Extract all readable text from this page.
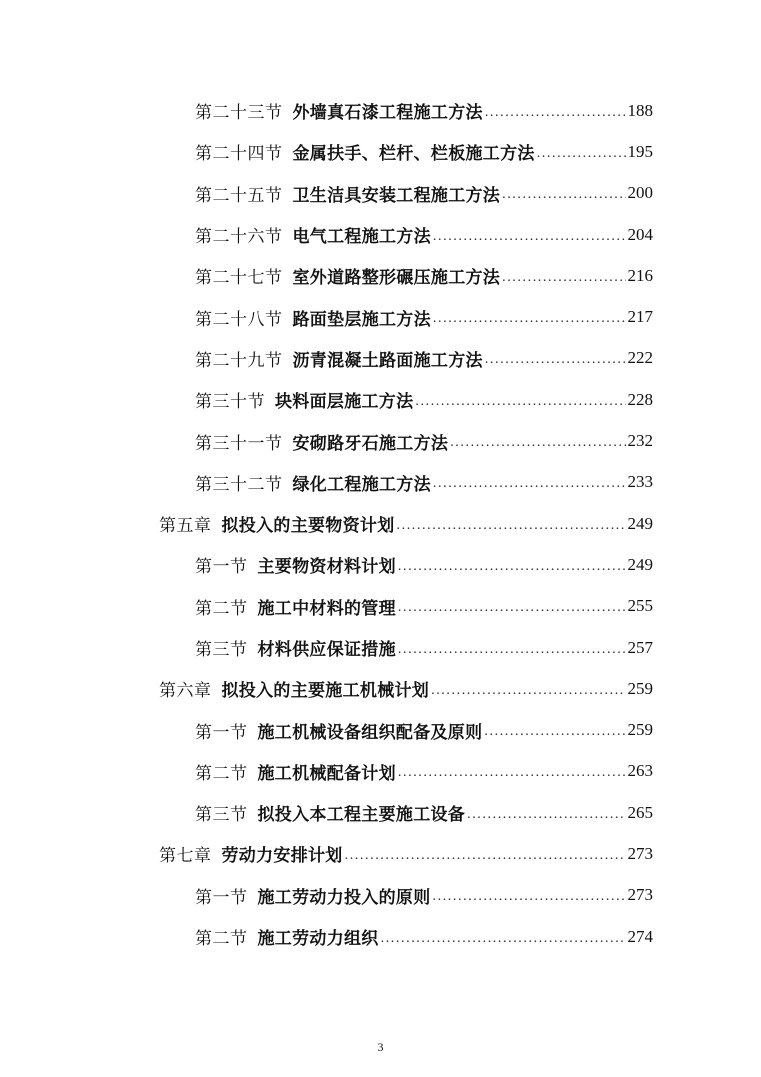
第二十三节 外墙真石漆工程施工方法 .....	188
第二十四节 金属扶手、栏杆、栏板施工方法 .....	195
第二十五节 卫生洁具安装工程施工方法 .....	200
第二十六节 电气工程施工方法 .....	204
第二十七节 室外道路整形碾压施工方法 .....	216
第二十八节 路面垫层施工方法 .....	217
第二十九节 沥青混凝土路面施工方法 .....	222
第三十节 块料面层施工方法 .....	228
第三十一节 安砌路牙石施工方法 .....	232
第三十二节 绿化工程施工方法 .....	233
第五章 拟投入的主要物资计划 .....	249
第一节 主要物资材料计划 .....	249
第二节 施工中材料的管理 .....	255
第三节 材料供应保证措施 .....	257
第六章 拟投入的主要施工机械计划 .....	259
第一节 施工机械设备组织配备及原则 .....	259
第二节 施工机械配备计划 .....	263
第三节 拟投入本工程主要施工设备 .....	265
第七章 劳动力安排计划 .....	273
第一节 施工劳动力投入的原则 .....	273
第二节 施工劳动力组织 .....	274
3
